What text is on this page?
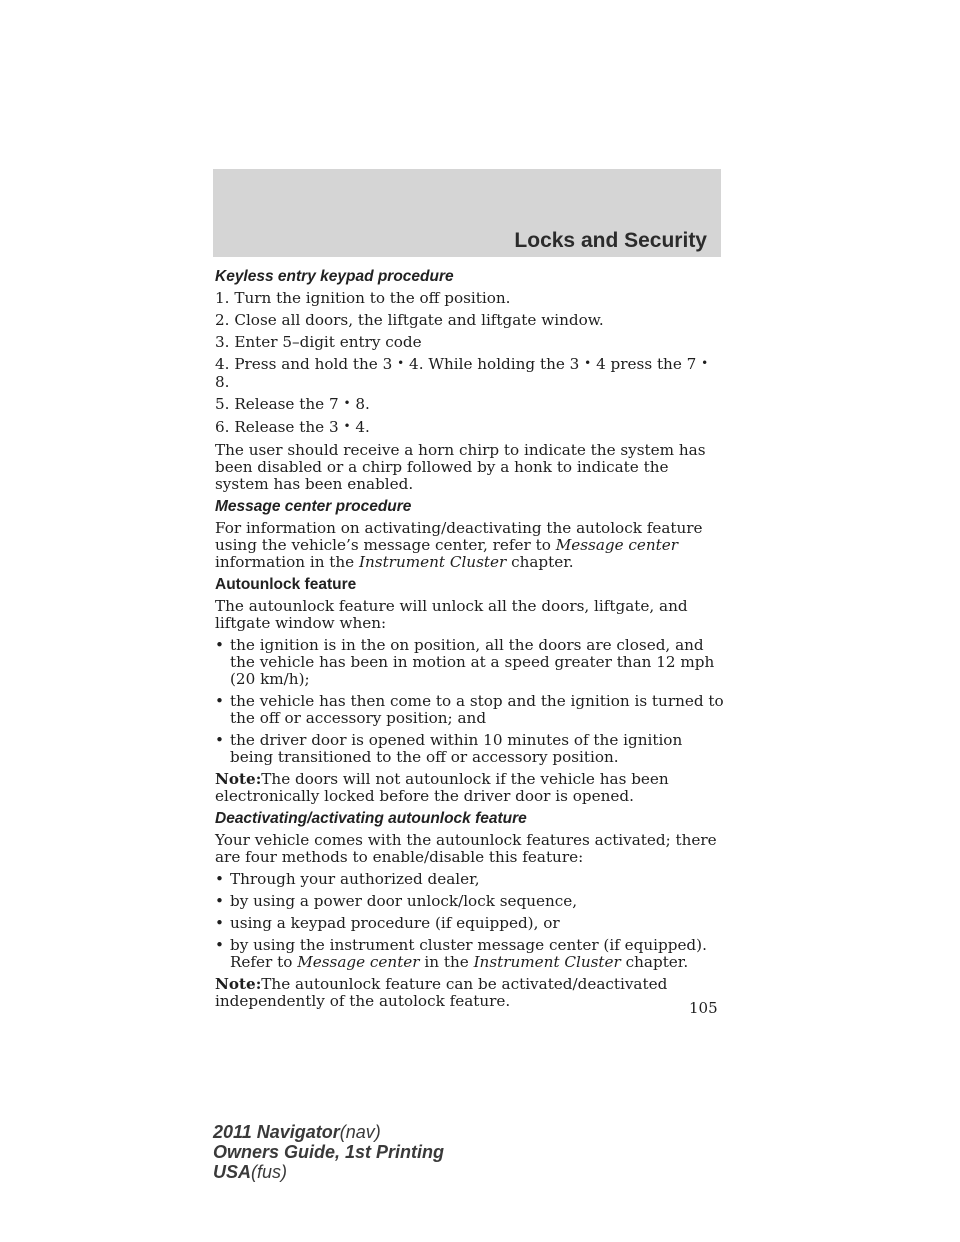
Locks and Security
Keyless entry keypad procedure

1. Turn the ignition to the off position.

2. Close all doors, the liftgate and liftgate window.

3. Enter 5–digit entry code

4. Press and hold the 3 • 4. While holding the 3 • 4 press the 7 • 8.

5. Release the 7 • 8.

6. Release the 3 • 4.

The user should receive a horn chirp to indicate the system has been disabled or a chirp followed by a honk to indicate the system has been enabled.

Message center procedure

For information on activating/deactivating the autolock feature using the vehicle’s message center, refer to Message center information in the Instrument Cluster chapter.

Autounlock feature

The autounlock feature will unlock all the doors, liftgate, and liftgate window when:

• the ignition is in the on position, all the doors are closed, and the vehicle has been in motion at a speed greater than 12 mph (20 km/h);
• the vehicle has then come to a stop and the ignition is turned to the off or accessory position; and
• the driver door is opened within 10 minutes of the ignition being transitioned to the off or accessory position.

Note:The doors will not autounlock if the vehicle has been electronically locked before the driver door is opened.

Deactivating/activating autounlock feature

Your vehicle comes with the autounlock features activated; there are four methods to enable/disable this feature:

• Through your authorized dealer,
• by using a power door unlock/lock sequence,
• using a keypad procedure (if equipped), or
• by using the instrument cluster message center (if equipped). Refer to Message center in the Instrument Cluster chapter.

Note:The autounlock feature can be activated/deactivated independently of the autolock feature.	105
2011 Navigator(nav)
Owners Guide, 1st Printing
USA(fus)
